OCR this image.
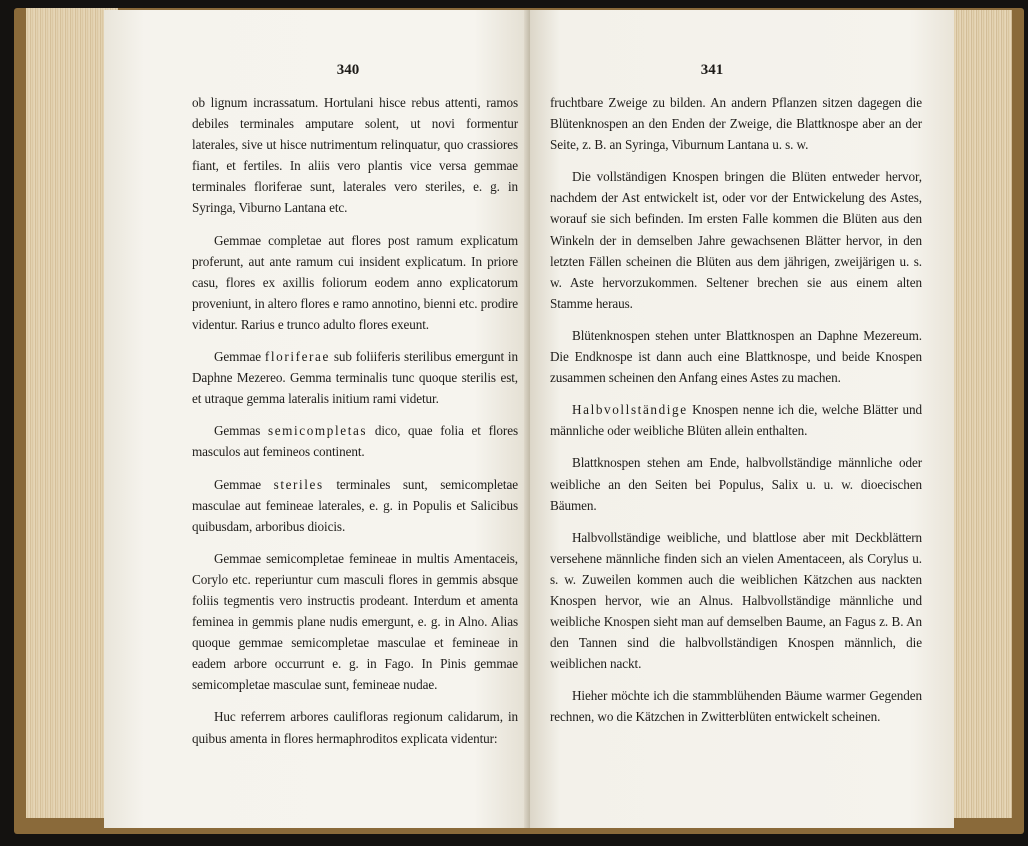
340

ob lignum incrassatum. Hortulani hisce rebus attenti, ramos debiles terminales amputare solent, ut novi formentur laterales, sive ut hisce nutrimentum relinquatur, quo crassiores fiant, et fertiles. In aliis vero plantis vice versa gemmae terminales floriferae sunt, laterales vero steriles, e. g. in Syringa, Viburno Lantana etc.

Gemmae completae aut flores post ramum explicatum proferunt, aut ante ramum cui insident explicatum. In priore casu, flores ex axillis foliorum eodem anno explicatorum proveniunt, in altero flores e ramo annotino, bienni etc. prodire videntur. Rarius e trunco adulto flores exeunt.

Gemmae floriferae sub foliiferis sterilibus emergunt in Daphne Mezereo. Gemma terminalis tunc quoque sterilis est, et utraque gemma lateralis initium rami videtur.

Gemmas semicompletas dico, quae folia et flores masculos aut femineos continent.

Gemmae steriles terminales sunt, semicompletae masculae aut femineae laterales, e. g. in Populis et Salicibus quibusdam, arboribus dioicis.

Gemmae semicompletae femineae in multis Amentaceis, Corylo etc. reperiuntur cum masculi flores in gemmis absque foliis tegmentis vero instructis prodeant. Interdum et amenta feminea in gemmis plane nudis emergunt, e. g. in Alno. Alias quoque gemmae semicompletae masculae et femineae in eadem arbore occurrunt e. g. in Fago. In Pinis gemmae semicompletae masculae sunt, femineae nudae.

Huc referrem arbores caulifloras regionum calidarum, in quibus amenta in flores hermaphroditos explicata videntur:

341

fruchtbare Zweige zu bilden. An andern Pflanzen sitzen dagegen die Blütenknospen an den Enden der Zweige, die Blattknospe aber an der Seite, z. B. an Syringa, Viburnum Lantana u. s. w.

Die vollständigen Knospen bringen die Blüten entweder hervor, nachdem der Ast entwickelt ist, oder vor der Entwickelung des Astes, worauf sie sich befinden. Im ersten Falle kommen die Blüten aus den Winkeln der in demselben Jahre gewachsenen Blätter hervor, in den letzten Fällen scheinen die Blüten aus dem jährigen, zweijärigen u. s. w. Aste hervorzukommen. Seltener brechen sie aus einem alten Stamme heraus.

Blütenknospen stehen unter Blattknospen an Daphne Mezereum. Die Endknospe ist dann auch eine Blattknospe, und beide Knospen zusammen scheinen den Anfang eines Astes zu machen.

Halbvollständige Knospen nenne ich die, welche Blätter und männliche oder weibliche Blüten allein enthalten.

Blattknospen stehen am Ende, halbvollständige männliche oder weibliche an den Seiten bei Populus, Salix u. u. w. dioecischen Bäumen.

Halbvollständige weibliche, und blattlose aber mit Deckblättern versehene männliche finden sich an vielen Amentaceen, als Corylus u. s. w. Zuweilen kommen auch die weiblichen Kätzchen aus nackten Knospen hervor, wie an Alnus. Halbvollständige männliche und weibliche Knospen sieht man auf demselben Baume, an Fagus z. B. An den Tannen sind die halbvollständigen Knospen männlich, die weiblichen nackt.

Hieher möchte ich die stammblühenden Bäume warmer Gegenden rechnen, wo die Kätzchen in Zwitterblüten entwickelt scheinen.
